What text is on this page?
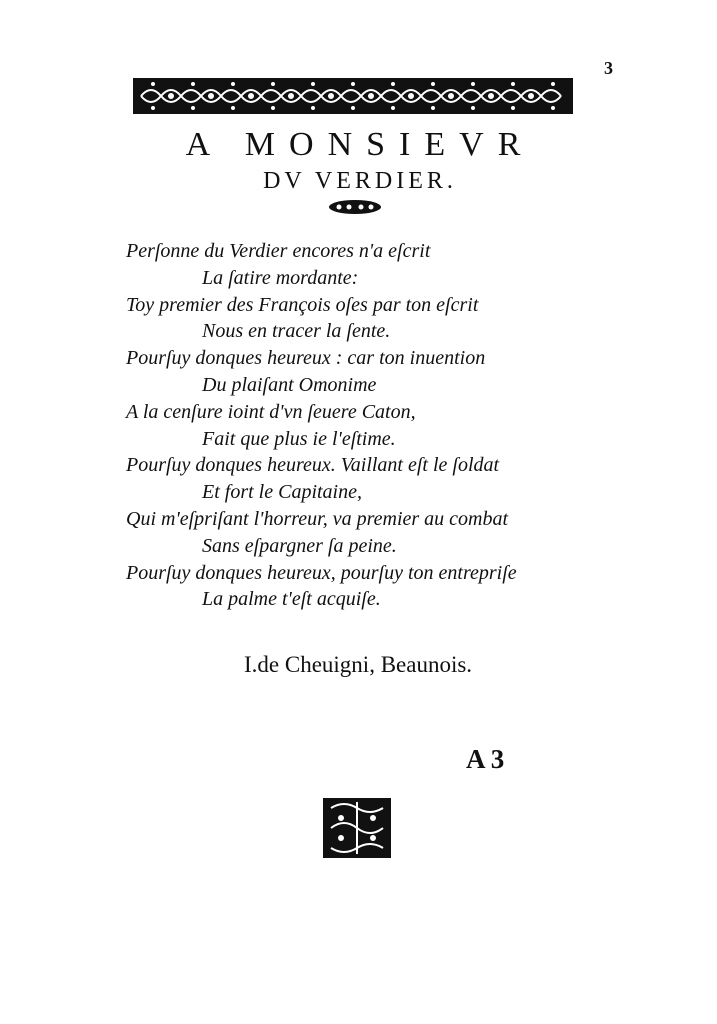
3
A MONSIEVR
DV VERDIER.
Perſonne du Verdier encores n'a eſcrit
La ſatire mordante:
Toy premier des François oſes par ton eſcrit
Nous en tracer la ſente.
Pourſuy donques heureux : car ton inuention
Du plaiſant Omonime
A la cenſure ioint d'vn ſeuere Caton,
Fait que plus ie l'eſtime.
Pourſuy donques heureux. Vaillant eſt le ſoldat
Et fort le Capitaine,
Qui m'eſpriſant l'horreur, va premier au combat
Sans eſpargner ſa peine.
Pourſuy donques heureux, pourſuy ton entrepriſe
La palme t'eſt acquiſe.
I.de Cheuigni, Beaunois.
A 3
